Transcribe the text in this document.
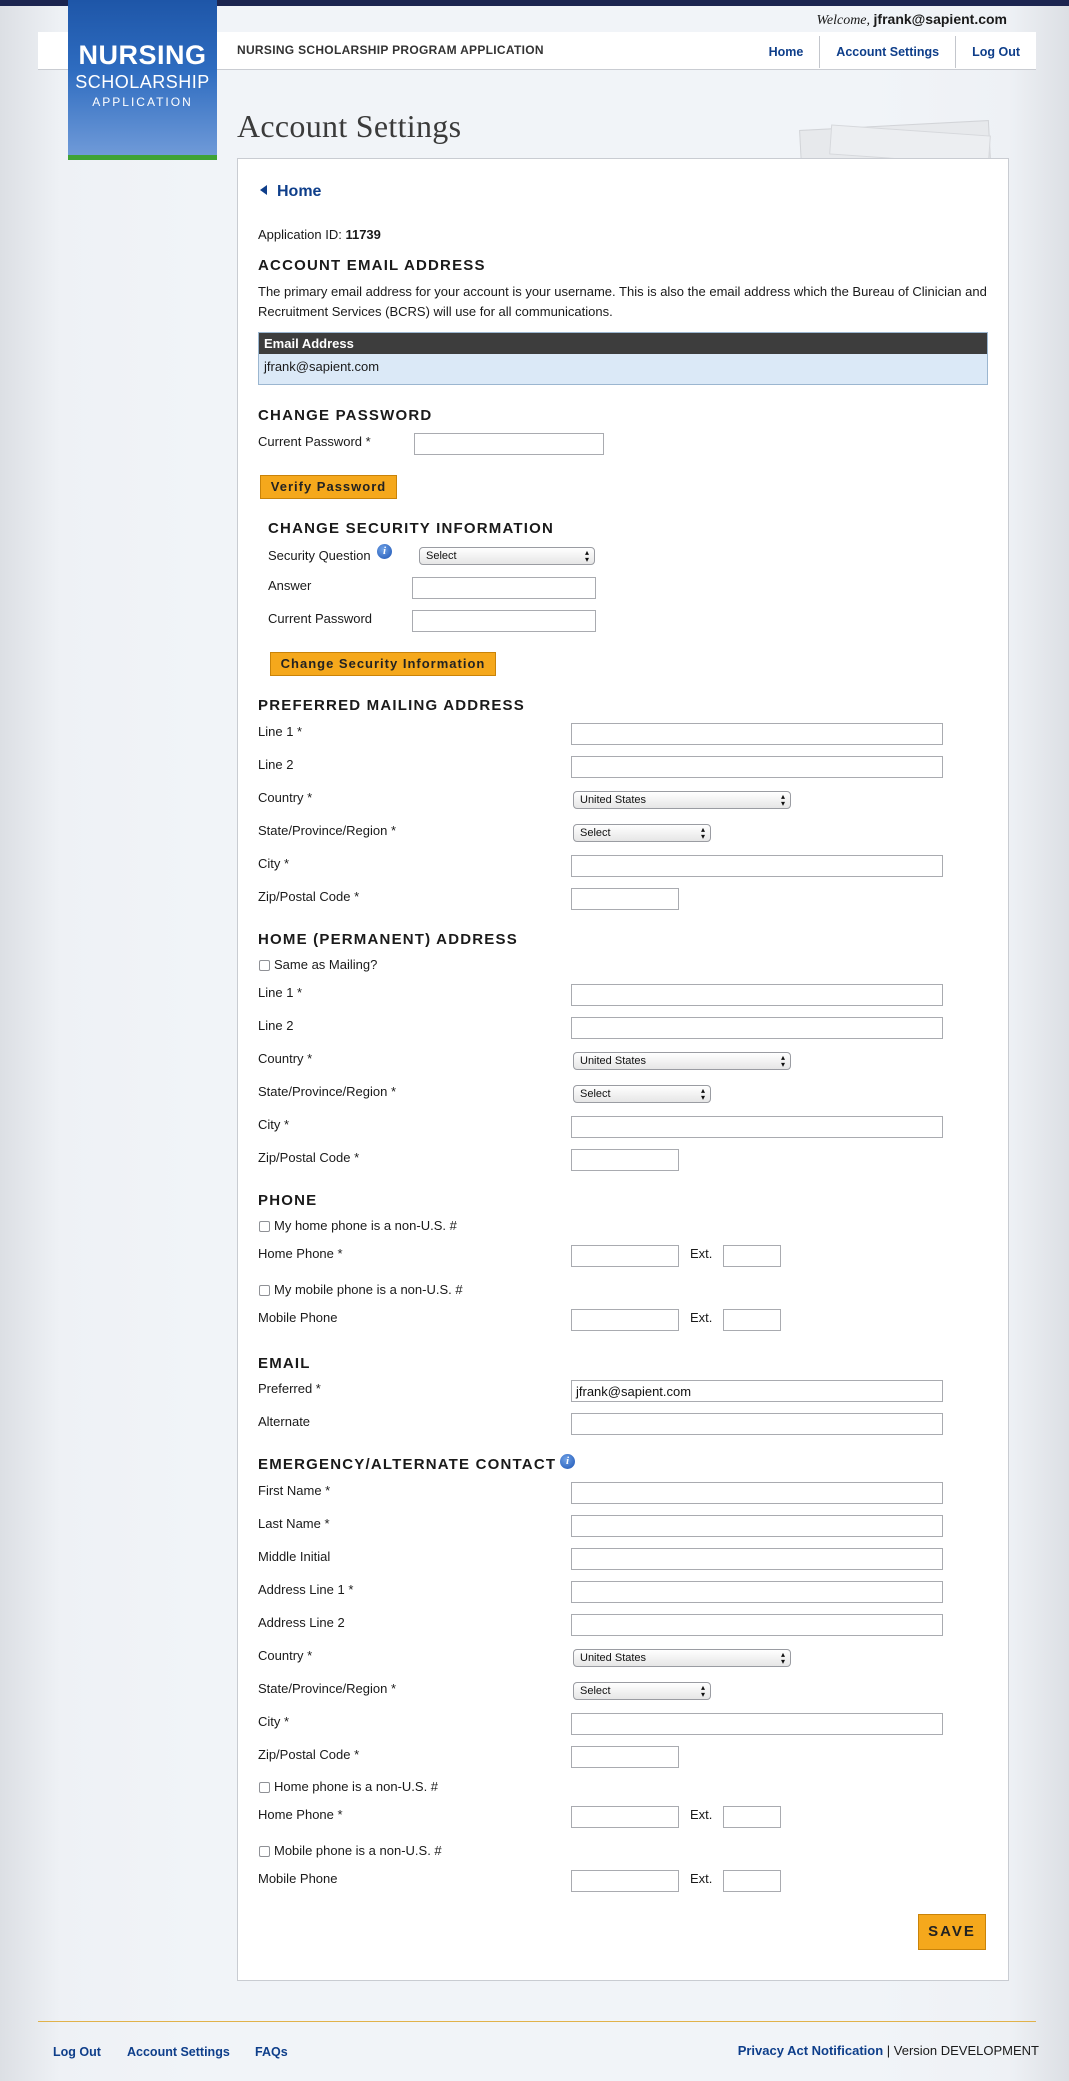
Welcome, jfrank@sapient.com
NURSING
SCHOLARSHIP
APPLICATION
NURSING SCHOLARSHIP PROGRAM APPLICATION	Home	Account Settings	Log Out
Account Settings
Home
Application ID: 11739
ACCOUNT EMAIL ADDRESS
The primary email address for your account is your username. This is also the email address which the Bureau of Clinician and Recruitment Services (BCRS) will use for all communications.
Email Address
jfrank@sapient.com
CHANGE PASSWORD
Current Password *
Verify Password
CHANGE SECURITY INFORMATION
Security Question	i	Select	▴
▾
Answer
Current Password
Change Security Information
PREFERRED MAILING ADDRESS
Line 1 *
Line 2
Country *	United States	▴
▾
State/Province/Region *	Select	▴
▾
City *
Zip/Postal Code *
HOME (PERMANENT) ADDRESS
Same as Mailing?
Line 1 *
Line 2
Country *	United States	▴
▾
State/Province/Region *	Select	▴
▾
City *
Zip/Postal Code *
PHONE
My home phone is a non-U.S. #
Home Phone *	Ext.
My mobile phone is a non-U.S. #
Mobile Phone	Ext.
EMAIL
Preferred *	jfrank@sapient.com
Alternate
EMERGENCY/ALTERNATE CONTACT i
First Name *
Last Name *
Middle Initial
Address Line 1 *
Address Line 2
Country *	United States	▴
▾
State/Province/Region *	Select	▴
▾
City *
Zip/Postal Code *
Home phone is a non-U.S. #
Home Phone *	Ext.
Mobile phone is a non-U.S. #
Mobile Phone	Ext.
SAVE
Log Out Account Settings FAQs	Privacy Act Notification | Version DEVELOPMENT
